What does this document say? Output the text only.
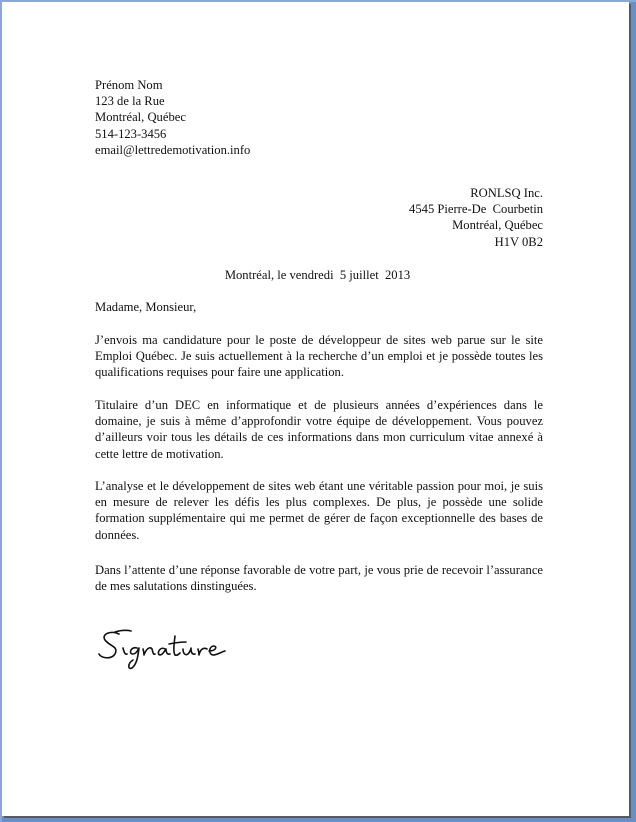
Prénom Nom
123 de la Rue
Montréal, Québec
514-123-3456
email@lettredemotivation.info
RONLSQ Inc.
4545 Pierre-De  Courbetin
Montréal, Québec
H1V 0B2
Montréal, le vendredi  5 juillet  2013
Madame, Monsieur,
J’envois ma candidature pour le poste de développeur de sites web parue sur le site Emploi Québec. Je suis actuellement à la recherche d’un emploi et je possède toutes les qualifications requises pour faire une application.
Titulaire d’un DEC en informatique et de plusieurs années d’expériences dans le domaine, je suis à même d’approfondir votre équipe de développement. Vous pouvez d’ailleurs voir tous les détails de ces informations dans mon curriculum vitae annexé à cette lettre de motivation.
L’analyse et le développement de sites web étant une véritable passion pour moi, je suis en mesure de relever les défis les plus complexes. De plus, je possède une solide formation supplémentaire qui me permet de gérer de façon exceptionnelle des bases de données.
Dans l’attente d’une réponse favorable de votre part, je vous prie de recevoir l’assurance de mes salutations dinstinguées.
